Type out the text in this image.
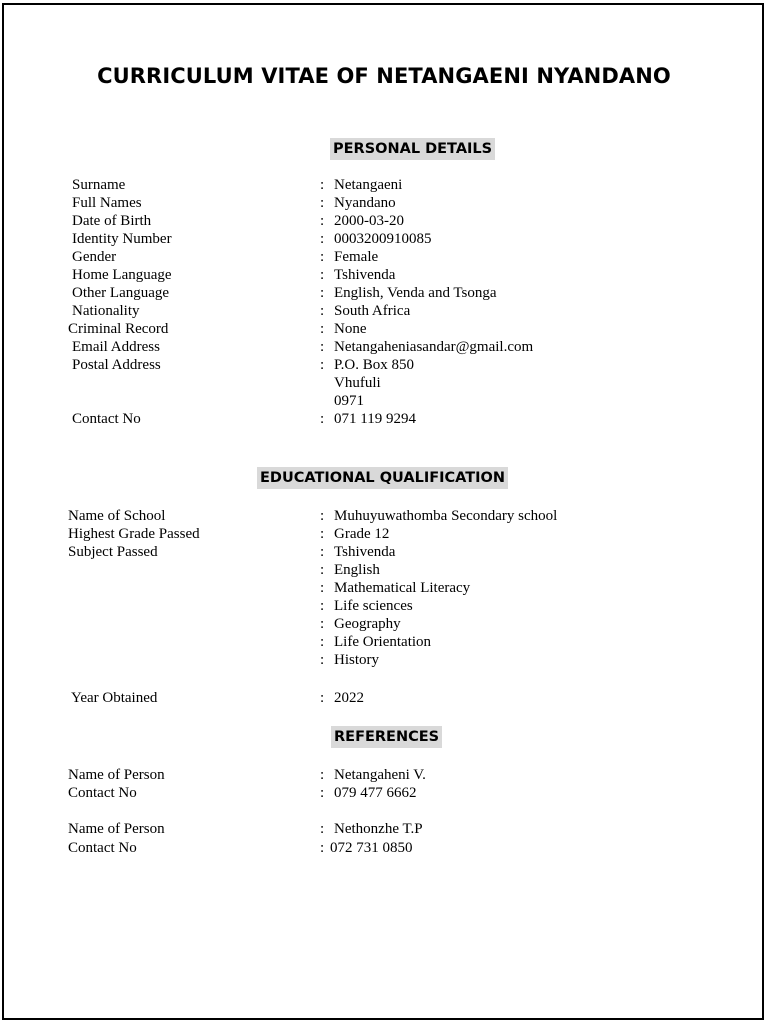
CURRICULUM VITAE OF NETANGAENI NYANDANO
PERSONAL DETAILS
Surname	: Netangaeni
Full Names	: Nyandano
Date of Birth	: 2000-03-20
Identity Number	: 0003200910085
Gender	: Female
Home Language	: Tshivenda
Other Language	: English, Venda and Tsonga
Nationality	: South Africa
Criminal Record	: None
Email Address	: Netangaheniasandar@gmail.com
Postal Address	: P.O. Box 850
Vhufuli
0971
Contact No	: 071 119 9294
EDUCATIONAL QUALIFICATION
Name of School	: Muhuyuwathomba Secondary school
Highest Grade Passed	: Grade 12
Subject Passed	: Tshivenda
: English
: Mathematical Literacy
: Life sciences
: Geography
: Life Orientation
: History
Year Obtained	: 2022
REFERENCES
Name of Person	: Netangaheni V.
Contact No	: 079 477 6662
Name of Person	: Nethonzhe T.P
Contact No	: 072 731 0850
